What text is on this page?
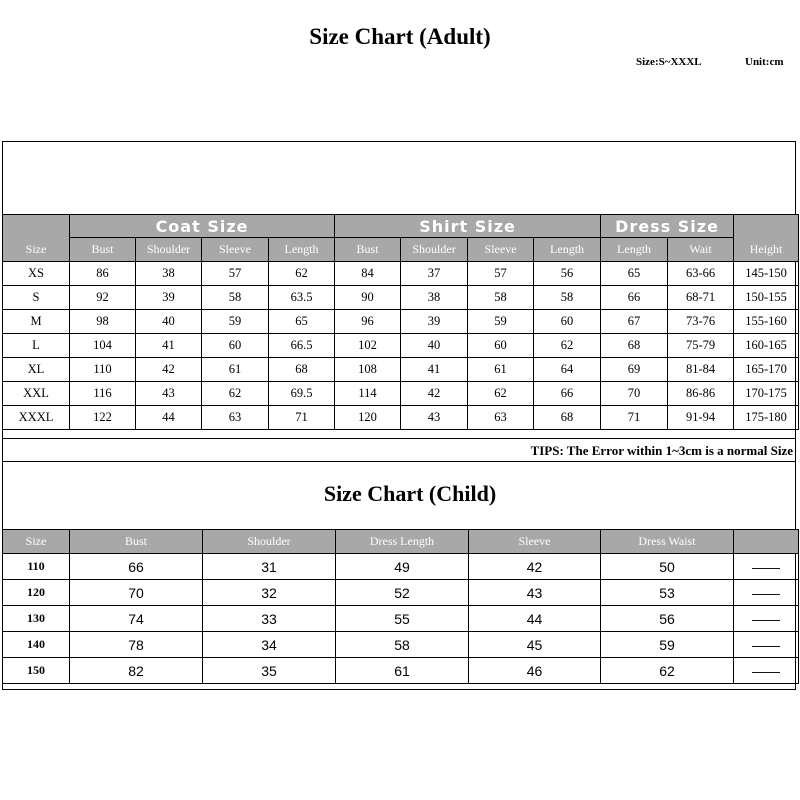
Size Chart (Adult)
Size:S~XXXL	Unit:cm
Size	Coat Size				Shirt Size				Dress Size		Height
	Bust	Shoulder	Sleeve	Length	Bust	Shoulder	Sleeve	Length	Length	Wait	
XS	86	38	57	62	84	37	57	56	65	63-66	145-150
S	92	39	58	63.5	90	38	58	58	66	68-71	150-155
M	98	40	59	65	96	39	59	60	67	73-76	155-160
L	104	41	60	66.5	102	40	60	62	68	75-79	160-165
XL	110	42	61	68	108	41	61	64	69	81-84	165-170
XXL	116	43	62	69.5	114	42	62	66	70	86-86	170-175
XXXL	122	44	63	71	120	43	63	68	71	91-94	175-180
TIPS: The Error within 1~3cm is a normal Size
Size Chart (Child)
Size	Bust	Shoulder	Dress Length	Sleeve	Dress Waist	
110	66	31	49	42	50	——
120	70	32	52	43	53	——
130	74	33	55	44	56	——
140	78	34	58	45	59	——
150	82	35	61	46	62	——
